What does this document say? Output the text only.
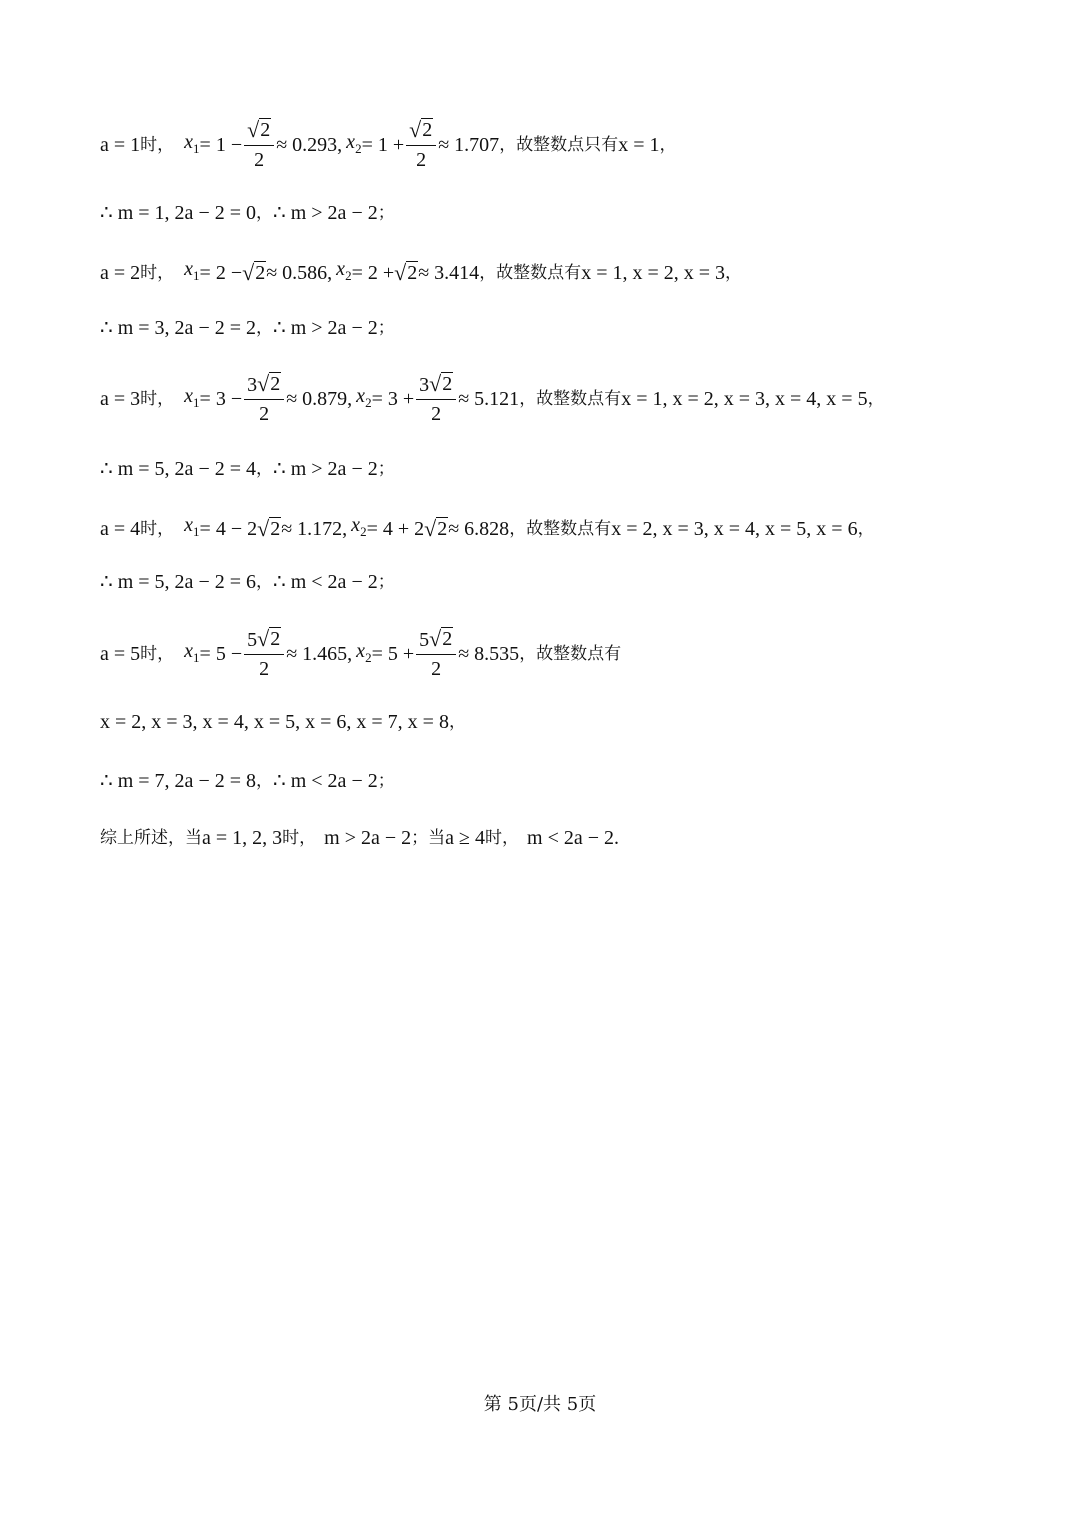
a = 1 时， $x_1 = 1 - \frac{√ 2}{2} \approx 0.293$, $x_2 = 1 + \frac{√ 2}{2} \approx 1.707$ ，故整数点只有 x = 1 ，
∴ m = 1, 2a − 2 = 0 ， ∴ m > 2a − 2 ；
a = 2 时， $x_1 = 2$ − √ 2 ≈ 0.586, $x_2 = 2$ + √ 2 ≈ 3.414 ，故整数点有 x = 1, x = 2, x = 3 ，
∴ m = 3, 2a − 2 = 2 ， ∴ m > 2a − 2 ；
a = 3 时， $x_1 = 3 - \frac{3 √ 2}{2} \approx 0.879$, $x_2 = 3 + \frac{3 √ 2}{2} \approx 5.121$ ，故整数点有 x = 1, x = 2, x = 3, x = 4, x = 5 ，
∴ m = 5, 2a − 2 = 4 ， ∴ m > 2a − 2 ；
a = 4 时， $x_1 = 4 - 2$ √ 2 ≈ 1.172, $x_2 = 4 + 2$ √ 2 ≈ 6.828 ，故整数点有 x = 2, x = 3, x = 4, x = 5, x = 6 ，
∴ m = 5, 2a − 2 = 6 ， ∴ m < 2a − 2 ；
a = 5 时， $x_1 = 5 - \frac{5 √ 2}{2} \approx 1.465$, $x_2 = 5 + \frac{5 √ 2}{2} \approx 8.535$ ，故整数点有
x = 2, x = 3, x = 4, x = 5, x = 6, x = 7, x = 8 ，
∴ m = 7, 2a − 2 = 8 ， ∴ m < 2a − 2 ；
综上所述，当 a = 1, 2, 3 时， m > 2a − 2 ；当 a ≥ 4 时， m < 2a − 2 .
第 5页/共 5页
